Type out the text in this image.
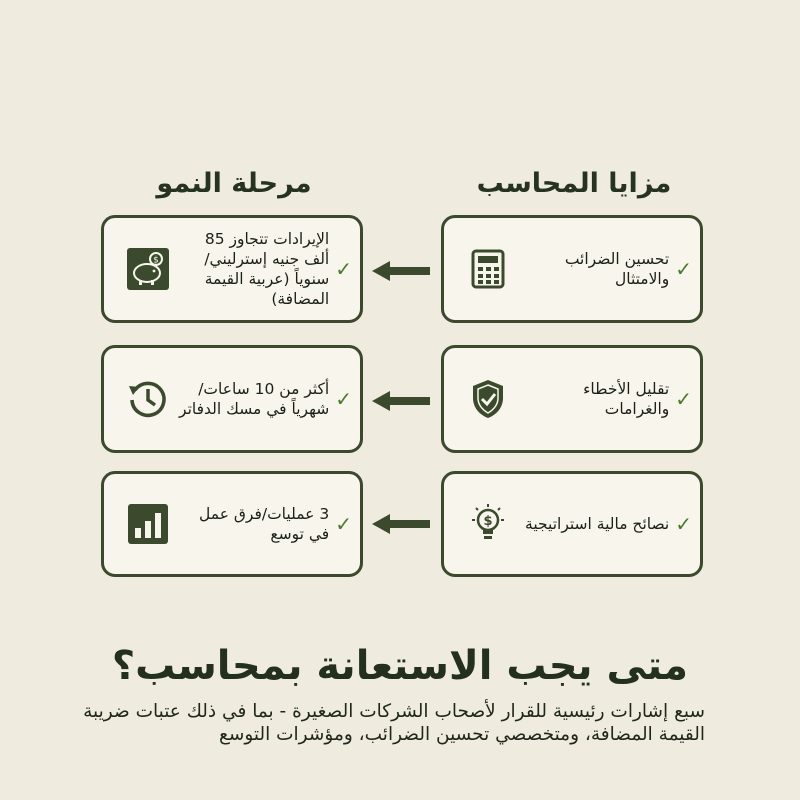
مزايا المحاسب
مرحلة النمو
✓
تحسين الضرائب والامتثال
✓
الإيرادات تتجاوز 85 ألف جنيه إسترليني/سنوياً (عربية القيمة المضافة)
$
✓
تقليل الأخطاء والغرامات
✓
أكثر من 10 ساعات/شهرياً في مسك الدفاتر
✓
نصائح مالية استراتيجية
$
✓
3 عمليات/فرق عمل في توسع
متى يجب الاستعانة بمحاسب؟
سبع إشارات رئيسية للقرار لأصحاب الشركات الصغيرة - بما في ذلك عتبات ضريبة القيمة المضافة، ومتخصصي تحسين الضرائب، ومؤشرات التوسع
